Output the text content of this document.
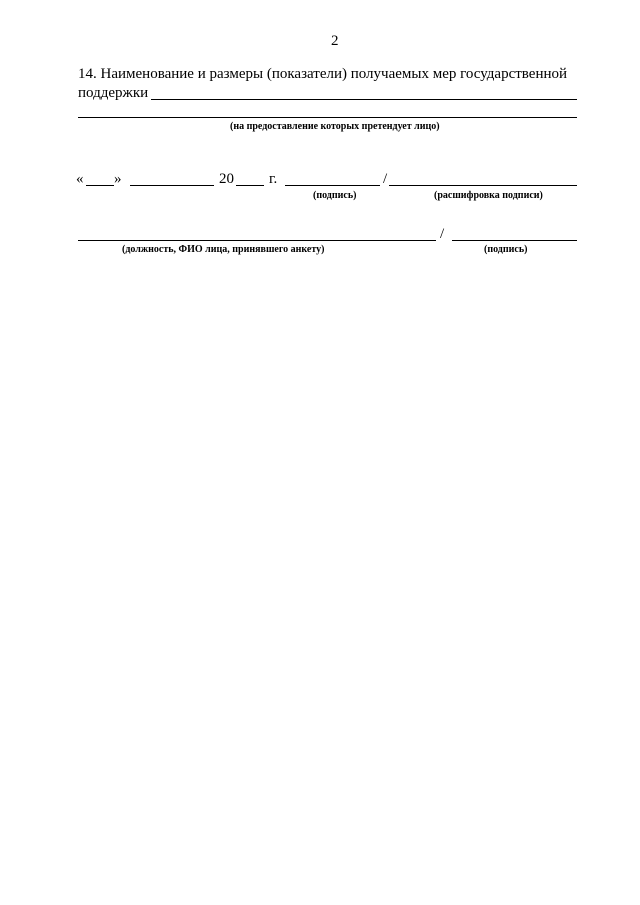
2
14. Наименование и размеры (показатели) получаемых мер государственной
поддержки
(на предоставление которых претендует лицо)
« »	20 г.	/
(подпись)	(расшифровка подписи)
/
(должность, ФИО лица, принявшего анкету)	(подпись)
